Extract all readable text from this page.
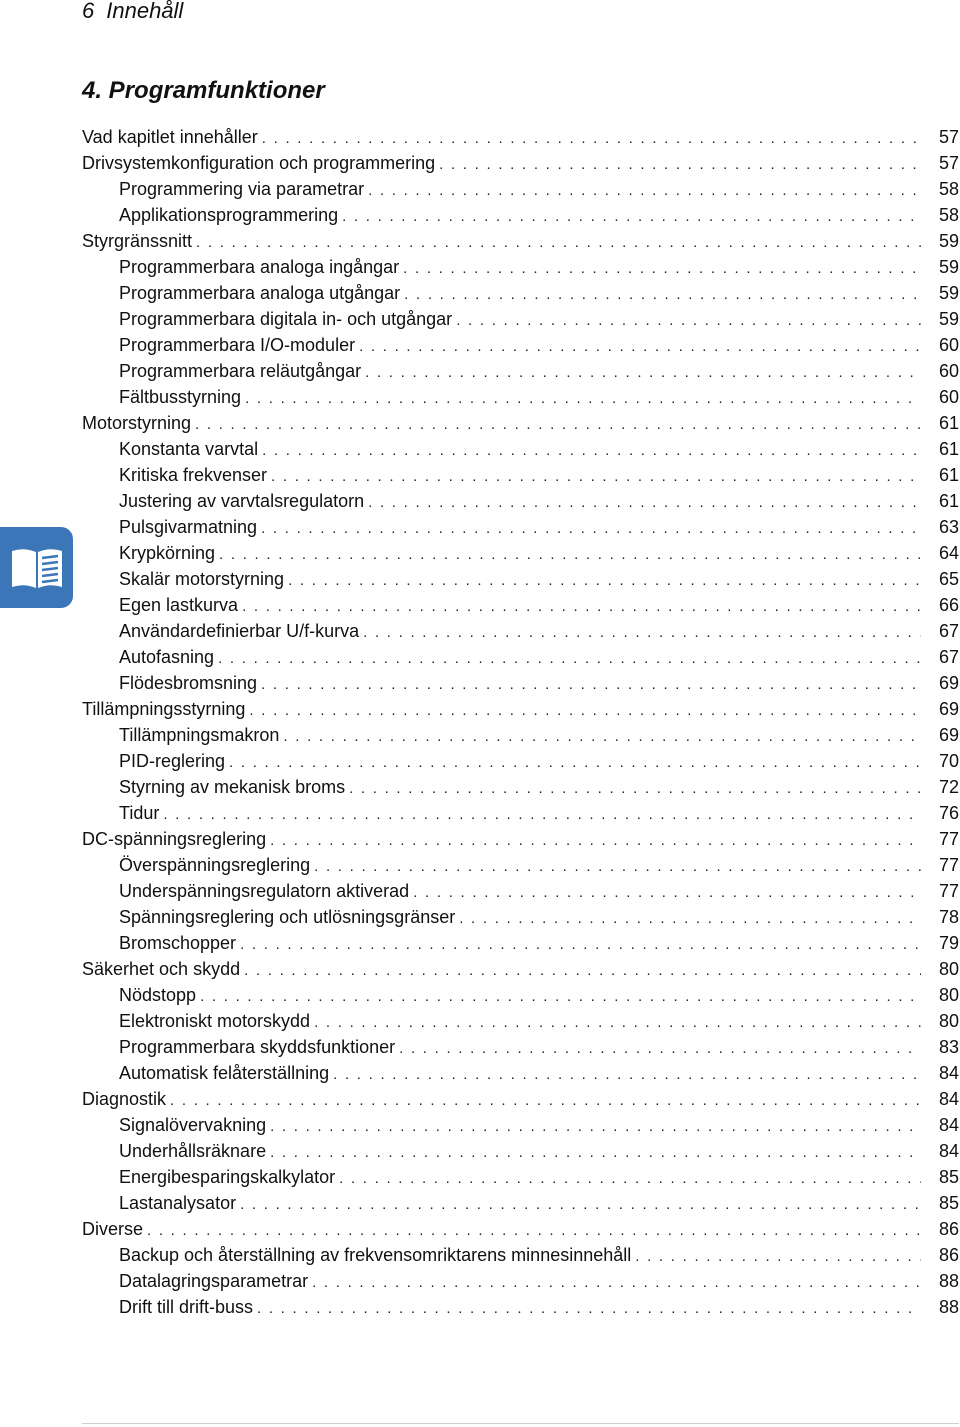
6 Innehåll
4. Programfunktioner
Vad kapitlet innehåller . . .	57
Drivsystemkonfiguration och programmering . . .	57
Programmering via parametrar . . .	58
Applikationsprogrammering . . .	58
Styrgränssnitt . . .	59
Programmerbara analoga ingångar . . .	59
Programmerbara analoga utgångar . . .	59
Programmerbara digitala in- och utgångar . . .	59
Programmerbara I/O-moduler . . .	60
Programmerbara reläutgångar . . .	60
Fältbusstyrning . . .	60
Motorstyrning . . .	61
Konstanta varvtal . . .	61
Kritiska frekvenser . . .	61
Justering av varvtalsregulatorn . . .	61
Pulsgivarmatning . . .	63
Krypkörning . . .	64
Skalär motorstyrning . . .	65
Egen lastkurva . . .	66
Användardefinierbar U/f-kurva . . .	67
Autofasning . . .	67
Flödesbromsning . . .	69
Tillämpningsstyrning . . .	69
Tillämpningsmakron . . .	69
PID-reglering . . .	70
Styrning av mekanisk broms . . .	72
Tidur . . .	76
DC-spänningsreglering . . .	77
Överspänningsreglering . . .	77
Underspänningsregulatorn aktiverad . . .	77
Spänningsreglering och utlösningsgränser . . .	78
Bromschopper . . .	79
Säkerhet och skydd . . .	80
Nödstopp . . .	80
Elektroniskt motorskydd . . .	80
Programmerbara skyddsfunktioner . . .	83
Automatisk felåterställning . . .	84
Diagnostik . . .	84
Signalövervakning . . .	84
Underhållsräknare . . .	84
Energibesparingskalkylator . . .	85
Lastanalysator . . .	85
Diverse . . .	86
Backup och återställning av frekvensomriktarens minnesinnehåll . . .	86
Datalagringsparametrar . . .	88
Drift till drift-buss . . .	88
